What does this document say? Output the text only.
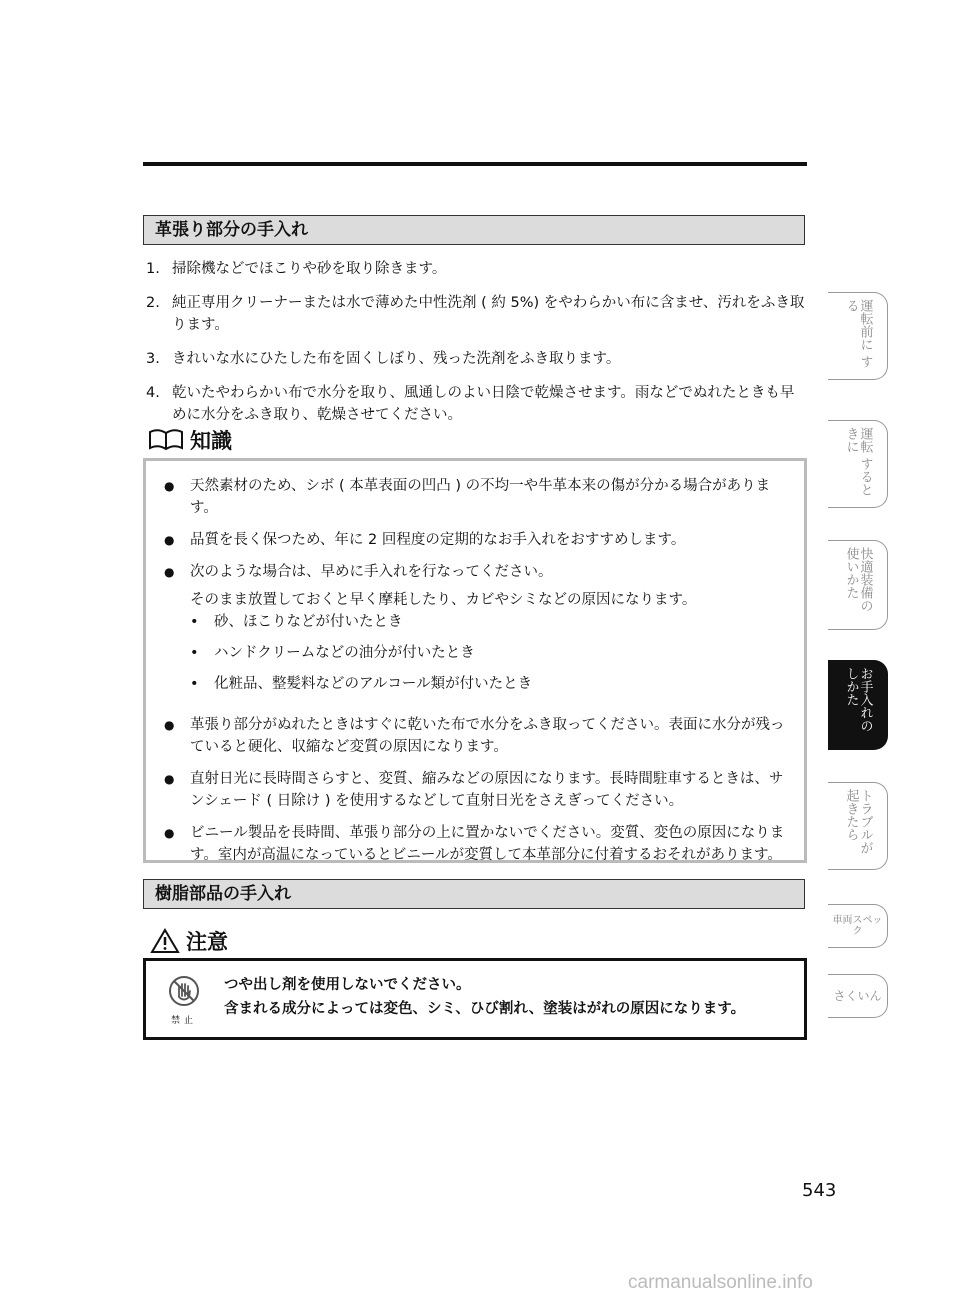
革張り部分の手入れ
1. 掃除機などでほこりや砂を取り除きます。
2. 純正専用クリーナーまたは水で薄めた中性洗剤 ( 約 5%) をやわらかい布に含ませ、汚れをふき取ります。
3. きれいな水にひたした布を固くしぼり、残った洗剤をふき取ります。
4. 乾いたやわらかい布で水分を取り、風通しのよい日陰で乾燥させます。雨などでぬれたときも早めに水分をふき取り、乾燥させてください。
知識
●	天然素材のため、シボ ( 本革表面の凹凸 ) の不均一や牛革本来の傷が分かる場合があります。
●	品質を長く保つため、年に 2 回程度の定期的なお手入れをおすすめします。
●	次のような場合は、早めに手入れを行なってください。

そのまま放置しておくと早く摩耗したり、カビやシミなどの原因になります。

•	砂、ほこりなどが付いたとき
•	ハンドクリームなどの油分が付いたとき
•	化粧品、整髪料などのアルコール類が付いたとき
●	革張り部分がぬれたときはすぐに乾いた布で水分をふき取ってください。表面に水分が残っていると硬化、収縮など変質の原因になります。
●	直射日光に長時間さらすと、変質、縮みなどの原因になります。長時間駐車するときは、サンシェード ( 日除け ) を使用するなどして直射日光をさえぎってください。
●	ビニール製品を長時間、革張り部分の上に置かないでください。変質、変色の原因になります。室内が高温になっているとビニールが変質して本革部分に付着するおそれがあります。
樹脂部品の手入れ
注意
禁止
つや出し剤を使用しないでください。
含まれる成分によっては変色、シミ、ひび割れ、塗装はがれの原因になります。
運転前に する
運転 するときに
快適装備の使いかた
お手入れのしかた
トラブルが起きたら
車両スペック
さくいん
543
carmanualsonline.info
